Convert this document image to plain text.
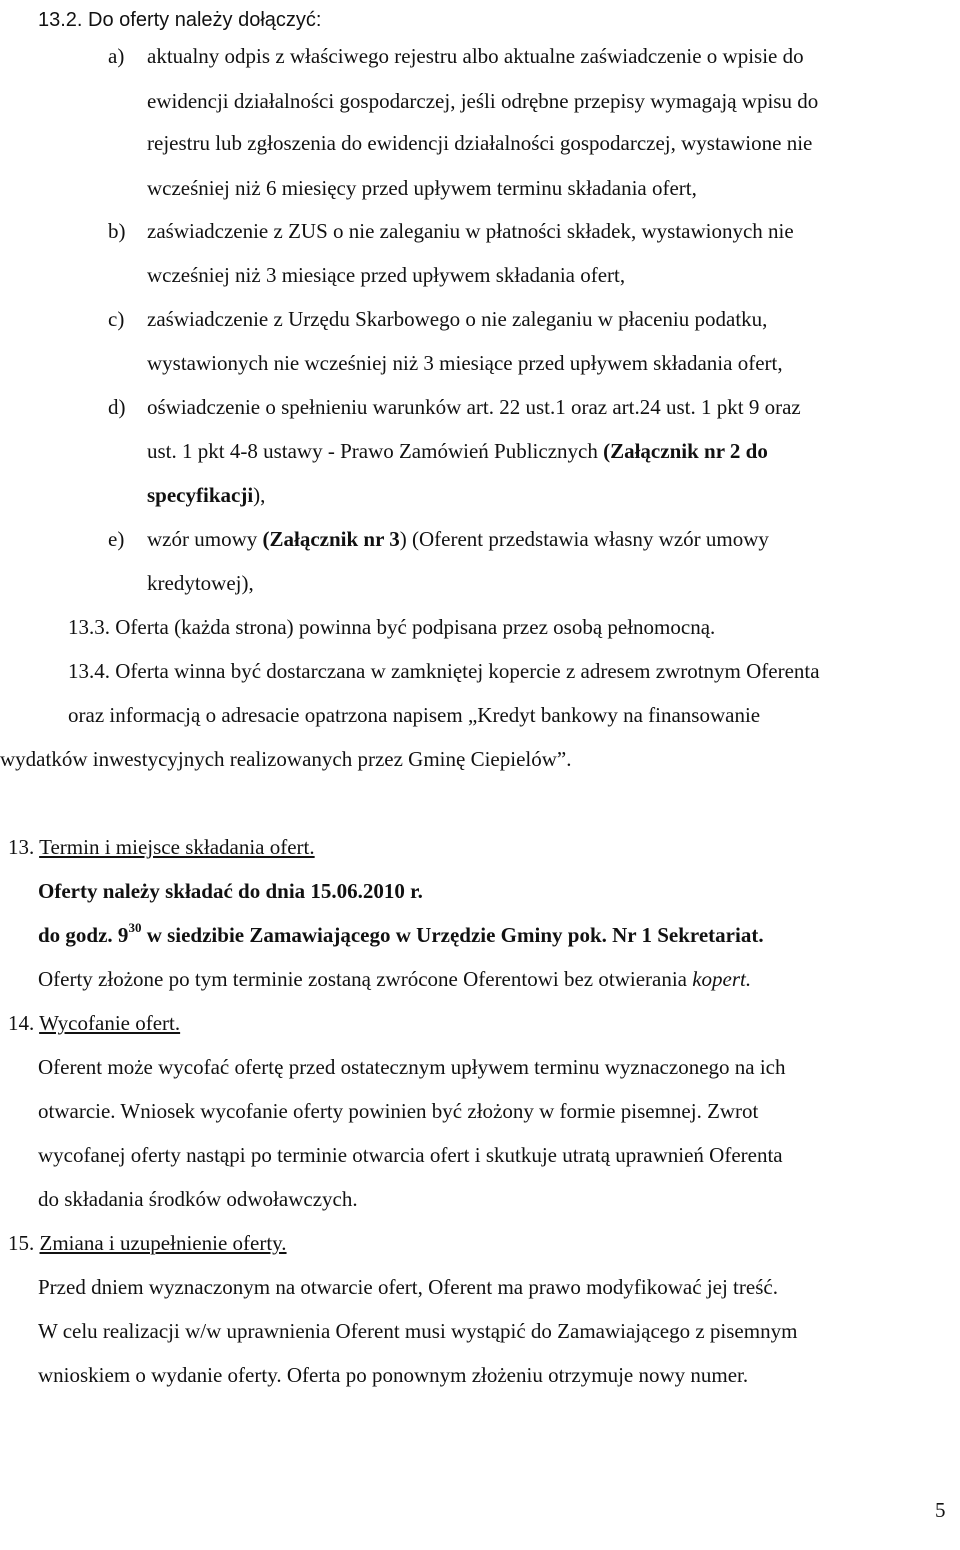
13.2. Do oferty należy dołączyć:
a) aktualny odpis z właściwego rejestru albo aktualne zaświadczenie o wpisie do
ewidencji działalności gospodarczej, jeśli odrębne przepisy wymagają wpisu do
rejestru lub zgłoszenia do ewidencji działalności gospodarczej, wystawione nie
wcześniej niż 6 miesięcy przed upływem terminu składania ofert,
b) zaświadczenie z ZUS o nie zaleganiu w płatności składek, wystawionych nie
wcześniej niż 3 miesiące przed upływem składania ofert,
c) zaświadczenie z Urzędu Skarbowego o nie zaleganiu w płaceniu podatku,
wystawionych nie wcześniej niż 3 miesiące przed upływem składania ofert,
d) oświadczenie o spełnieniu warunków art. 22 ust.1 oraz art.24 ust. 1 pkt 9 oraz
ust. 1 pkt 4-8 ustawy - Prawo Zamówień Publicznych (Załącznik nr 2 do
specyfikacji),
e) wzór umowy (Załącznik nr 3) (Oferent przedstawia własny wzór umowy
kredytowej),
13.3. Oferta (każda strona) powinna być podpisana przez osobą pełnomocną.
13.4. Oferta winna być dostarczana w zamkniętej kopercie z adresem zwrotnym Oferenta
oraz informacją o adresacie opatrzona napisem „Kredyt bankowy na finansowanie
wydatków inwestycyjnych realizowanych przez Gminę Ciepielów”.
13. Termin i miejsce składania ofert.
Oferty należy składać do dnia 15.06.2010 r.
do godz. $9^{30}$ w siedzibie Zamawiającego w Urzędzie Gminy pok. Nr 1 Sekretariat.
Oferty złożone po tym terminie zostaną zwrócone Oferentowi bez otwierania kopert.
14. Wycofanie ofert.
Oferent może wycofać ofertę przed ostatecznym upływem terminu wyznaczonego na ich
otwarcie. Wniosek wycofanie oferty powinien być złożony w formie pisemnej. Zwrot
wycofanej oferty nastąpi po terminie otwarcia ofert i skutkuje utratą uprawnień Oferenta
do składania środków odwoławczych.
15. Zmiana i uzupełnienie oferty.
Przed dniem wyznaczonym na otwarcie ofert, Oferent ma prawo modyfikować jej treść.
W celu realizacji w/w uprawnienia Oferent musi wystąpić do Zamawiającego z pisemnym
wnioskiem o wydanie oferty. Oferta po ponownym złożeniu otrzymuje nowy numer.
5
